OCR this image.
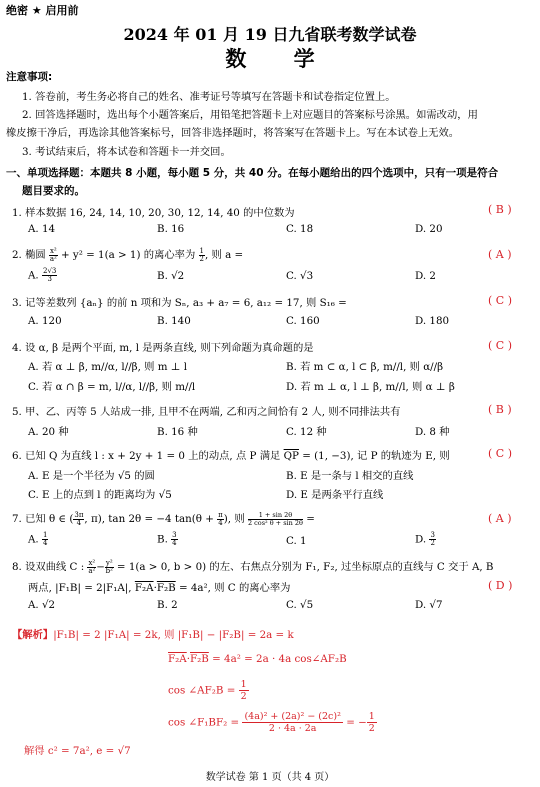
绝密 ★ 启用前
2024 年 01 月 19 日九省联考数学试卷
数 学
注意事项:
1. 答卷前，考生务必将自己的姓名、准考证号等填写在答题卡和试卷指定位置上。
2. 回答选择题时，选出每个小题答案后，用铅笔把答题卡上对应题目的答案标号涂黑。如需改动，用
橡皮擦干净后，再选涂其他答案标号，回答非选择题时，将答案写在答题卡上。写在本试卷上无效。
3. 考试结束后，将本试卷和答题卡一并交回。
一、单项选择题：本题共 8 小题，每小题 5 分，共 40 分。在每小题给出的四个选项中，只有一项是符合
题目要求的。
1. 样本数据 16, 24, 14, 10, 20, 30, 12, 14, 40 的中位数为	( B )
A. 14	B. 16	C. 18	D. 20
2. 椭圆 $\frac{\text{x²}}{\text{a²}} + y^2 = 1(a > 1)$ 的离心率为 $\frac{1}{2}$ , 则 a =	( A )
A. $\frac{2√3}{3}$	B. √2	C. √3	D. 2
3. 记等差数列 {aₙ} 的前 n 项和为 Sₙ, a₃ + a₇ = 6, a₁₂ = 17, 则 S₁₆ =	( C )
A. 120	B. 140	C. 160	D. 180
4. 设 α, β 是两个平面, m, l 是两条直线, 则下列命题为真命题的是	( C )
A. 若 α ⊥ β, m//α, l//β, 则 m ⊥ l	B. 若 m ⊂ α, l ⊂ β, m//l, 则 α//β
C. 若 α ∩ β = m, l//α, l//β, 则 m//l	D. 若 m ⊥ α, l ⊥ β, m//l, 则 α ⊥ β
5. 甲、乙、丙等 5 人站成一排, 且甲不在两端, 乙和丙之间恰有 2 人, 则不同排法共有	( B )
A. 20 种	B. 16 种	C. 12 种	D. 8 种
6. 已知 Q 为直线 l : x + 2y + 1 = 0 上的动点, 点 P 满足 $\overline{QP} = (1$, −3), 记 P 的轨迹为 E, 则	( C )
A. E 是一个半径为 √5 的圆	B. E 是一条与 l 相交的直线
C. E 上的点到 l 的距离均为 √5	D. E 是两条平行直线
7. 已知 θ ∈ ( $\frac{3\pi}{4}$ , π), tan 2θ = −4 $\tan(\theta + \frac{\pi}{4}$ ), 则 $\frac{1 + \sin 2\theta}{\text{2 cos² θ + sin 2θ}}$ =	( A )
A. $\frac{1}{4}$	B. $\frac{3}{4}$	C. 1	D. $\frac{3}{2}$
8. 设双曲线 C : $\frac{\text{x²}}{\text{a²}} - \frac{\text{y²}}{\text{b²}} = 1(a > 0$, b > 0) 的左、右焦点分别为 F₁, F₂, 过坐标原点的直线与 C 交于 A, B
两点, |F₁B| = 2|F₁A|, F₂A·F₂B = 4a², 则 C 的离心率为	( D )
A. √2	B. 2	C. √5	D. √7
【解析】|F₁B| = 2 |F₁A| = 2k, 则 |F₁B| − |F₂B| = 2a = k
F₂A·F₂B = 4a² = 2a · 4a cos∠AF₂B
cos ∠AF₂B = $\frac{1}{2}$
cos ∠F₁BF₂ = $\frac{\text{(4a)² + (2a)² − (2c)²}}{2 \cdot 4a \cdot 2a}$ = − $\frac{1}{2}$
解得 c² = 7a², e = √7
数学试卷 第 1 页（共 4 页）
